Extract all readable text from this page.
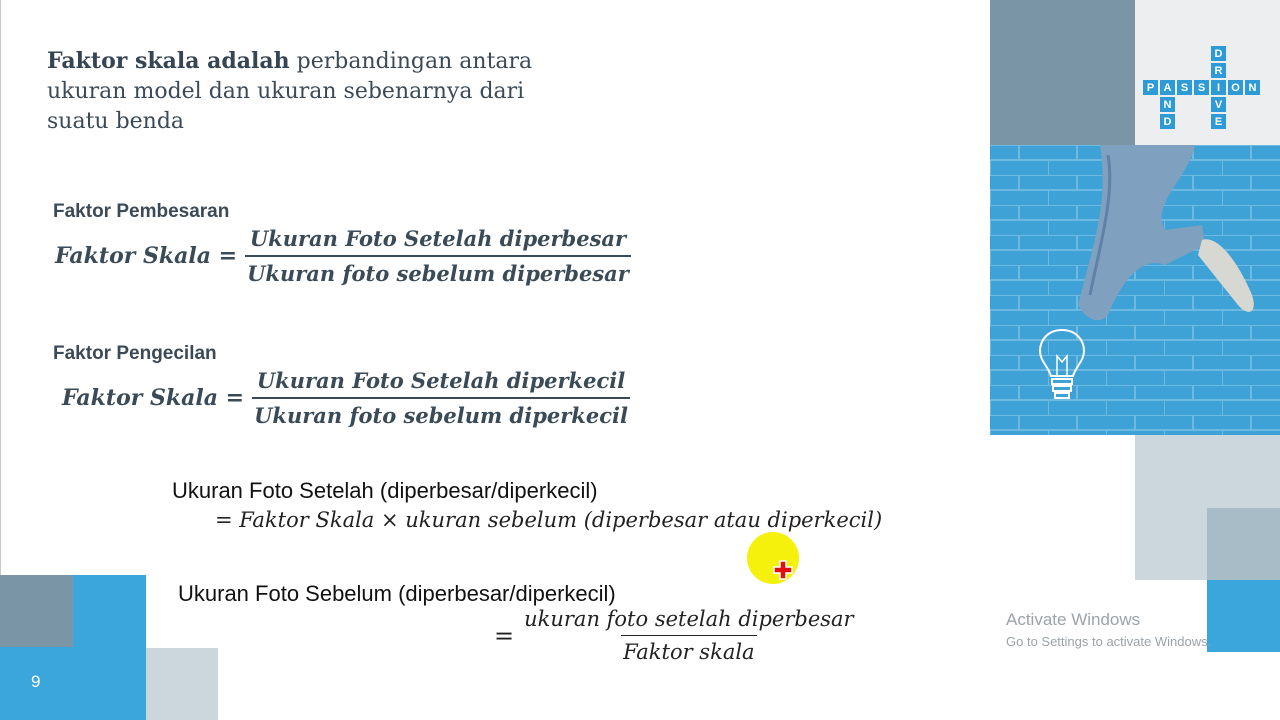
Faktor skala adalah perbandingan antara
ukuran model dan ukuran sebenarnya dari
suatu benda
Faktor Pembesaran
Faktor Skala = $\frac{\text{Ukuran Foto Setelah diperbesar}}{\text{Ukuran foto sebelum diperbesar}}$
Faktor Pengecilan
Faktor Skala = $\frac{\text{Ukuran Foto Setelah diperkecil}}{\text{Ukuran foto sebelum diperkecil}}$
Ukuran Foto Setelah (diperbesar/diperkecil)
= Faktor Skala × ukuran sebelum (diperbesar atau diperkecil)
Ukuran Foto Sebelum (diperbesar/diperkecil)
= $\frac{\text{ukuran foto setelah diperbesar}}{\text{Faktor skala}}$
D
R
I
V
E
P A S S O N
N
D
9
Activate Windows
Go to Settings to activate Windows.
